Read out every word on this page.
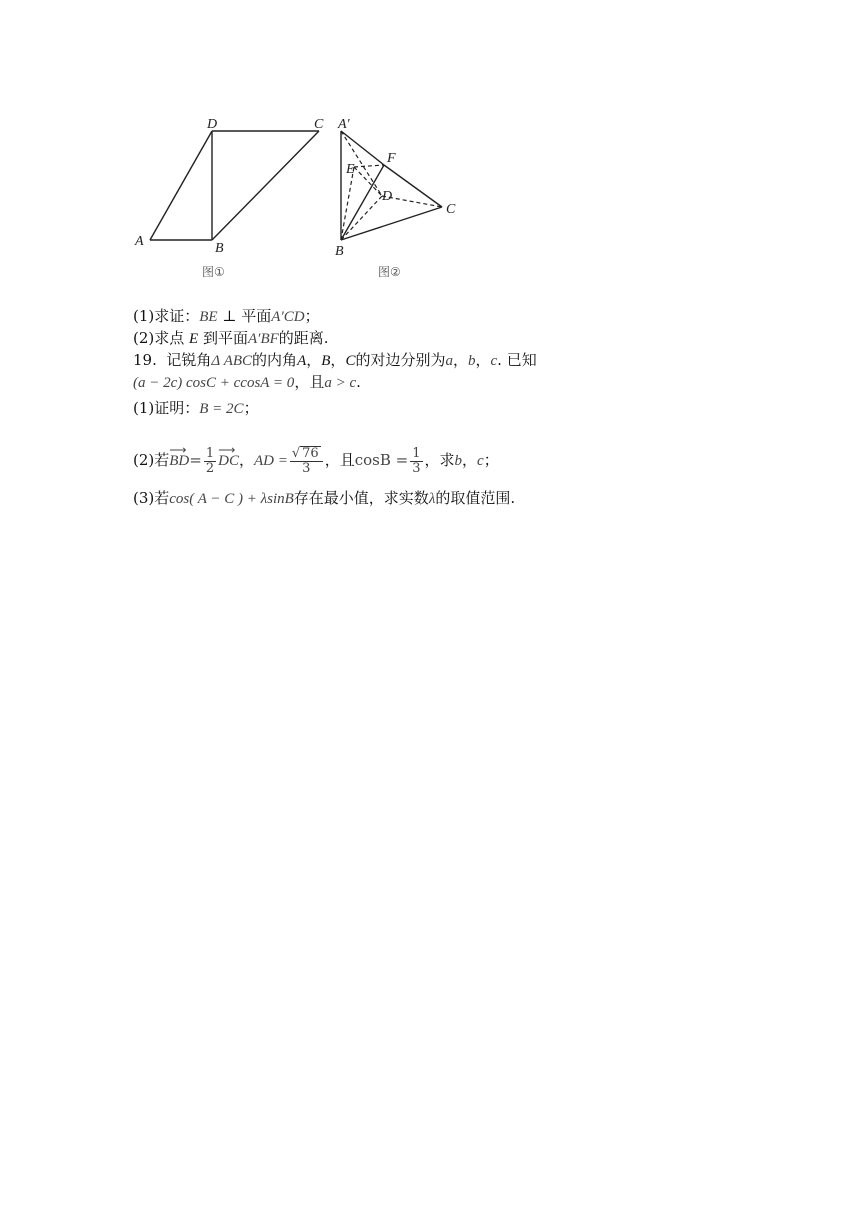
A	B
C
D
图①
A′
B
C
D
E
F
图②
(1)求证：BE ⊥ 平面A′CD；
(2)求点 E 到平面A′BF的距离.
19. 记锐角Δ ABC的内角A，B，C的对边分别为a，b，c. 已知
(a − 2c) cosC + ccosA = 0，且a > c.
(1)证明：B = 2C；
(2)若⟶ $BD= \frac{1}{2}$
⟶ DC，AD = $\frac{√ 76}{3}$ ，且$\cos B = \frac{1}{3}$ ，求b，c；
(3)若cos( A − C ) + λsinB存在最小值，求实数λ的取值范围.
